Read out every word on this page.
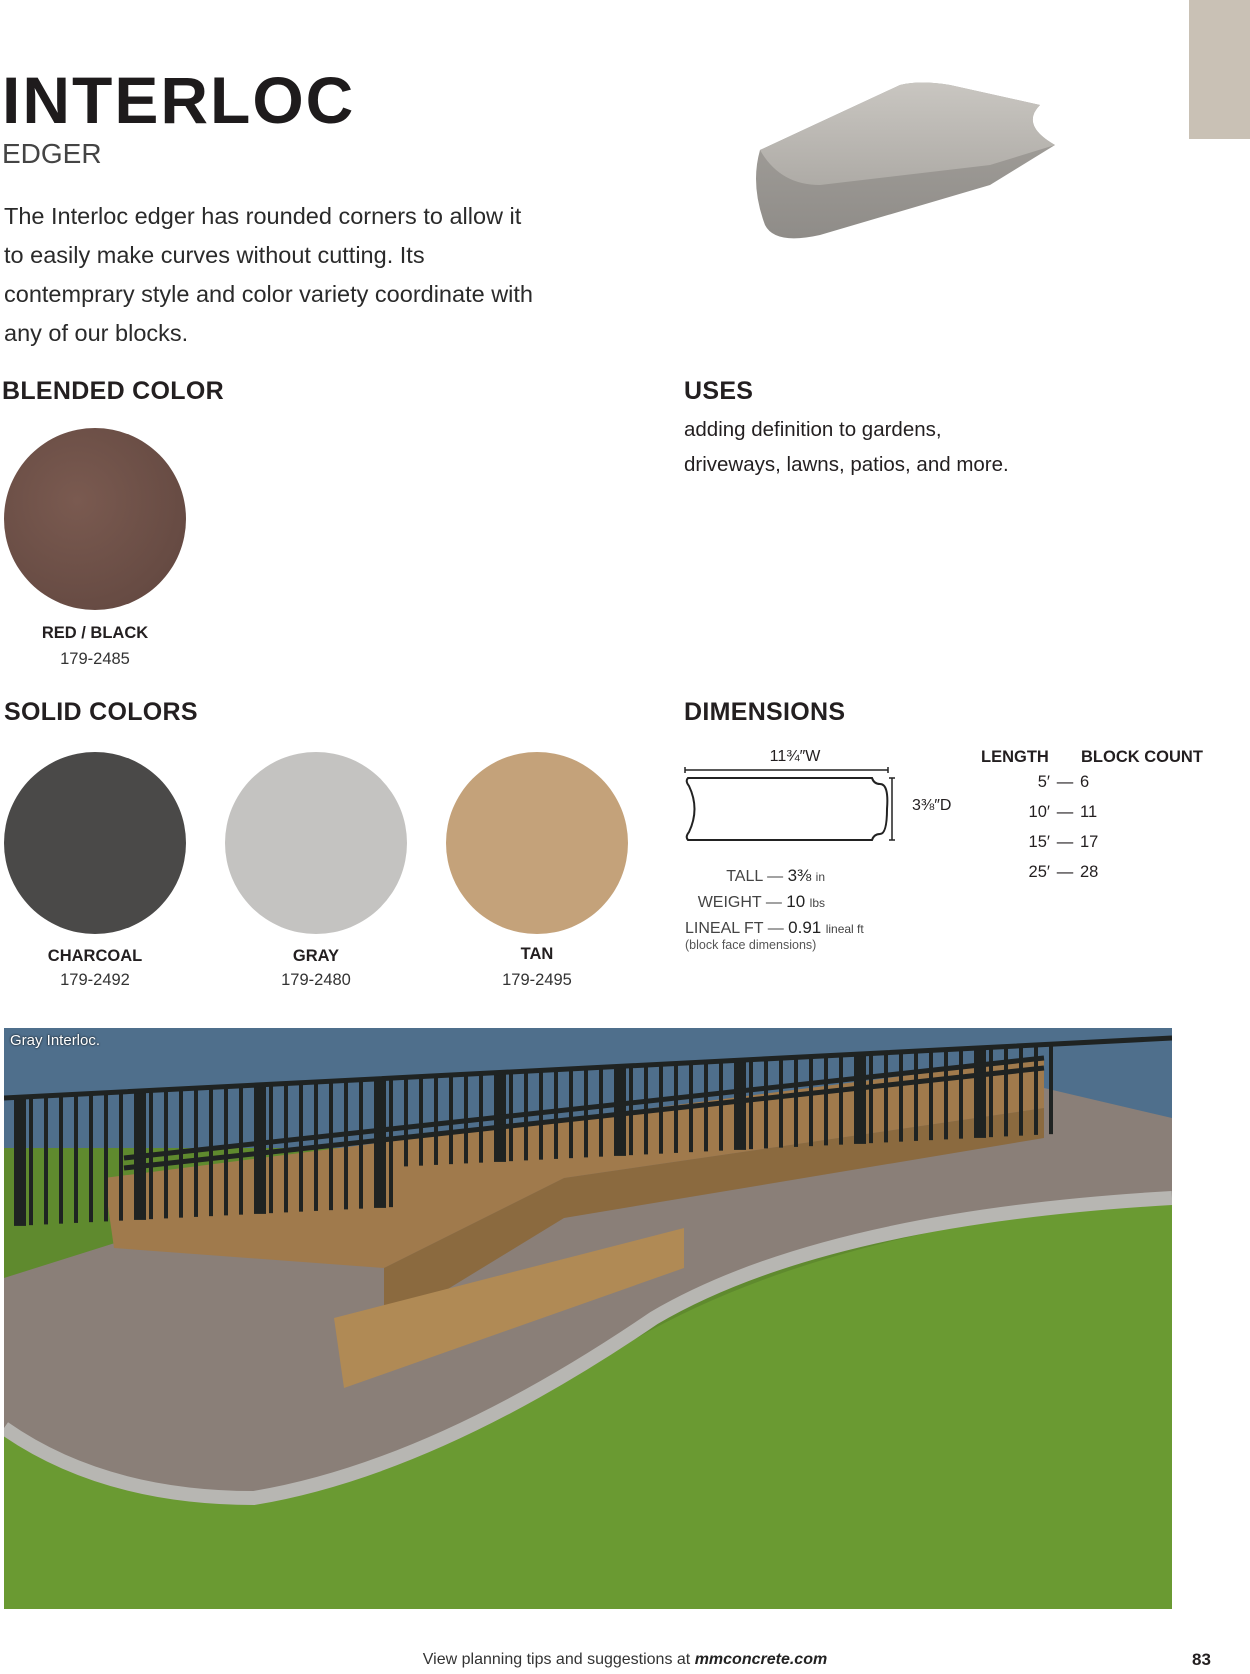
INTERLOC
EDGER
The Interloc edger has rounded corners to allow it to easily make curves without cutting. Its contemprary style and color variety coordinate with any of our blocks.
BLENDED COLOR
RED / BLACK
179-2485
USES
adding definition to gardens, driveways, lawns, patios, and more.
SOLID COLORS
CHARCOAL
179-2492
GRAY
179-2480
TAN
179-2495
DIMENSIONS
11¾″W
3⅜″D
TALL — 3⅜ in
WEIGHT — 10 lbs
LINEAL FT — 0.91 lineal ft
(block face dimensions)
LENGTH BLOCK COUNT
5′ — 6
10′ — 11
15′ — 17
25′ — 28
Gray Interloc.
View planning tips and suggestions at mmconcrete.com	83
